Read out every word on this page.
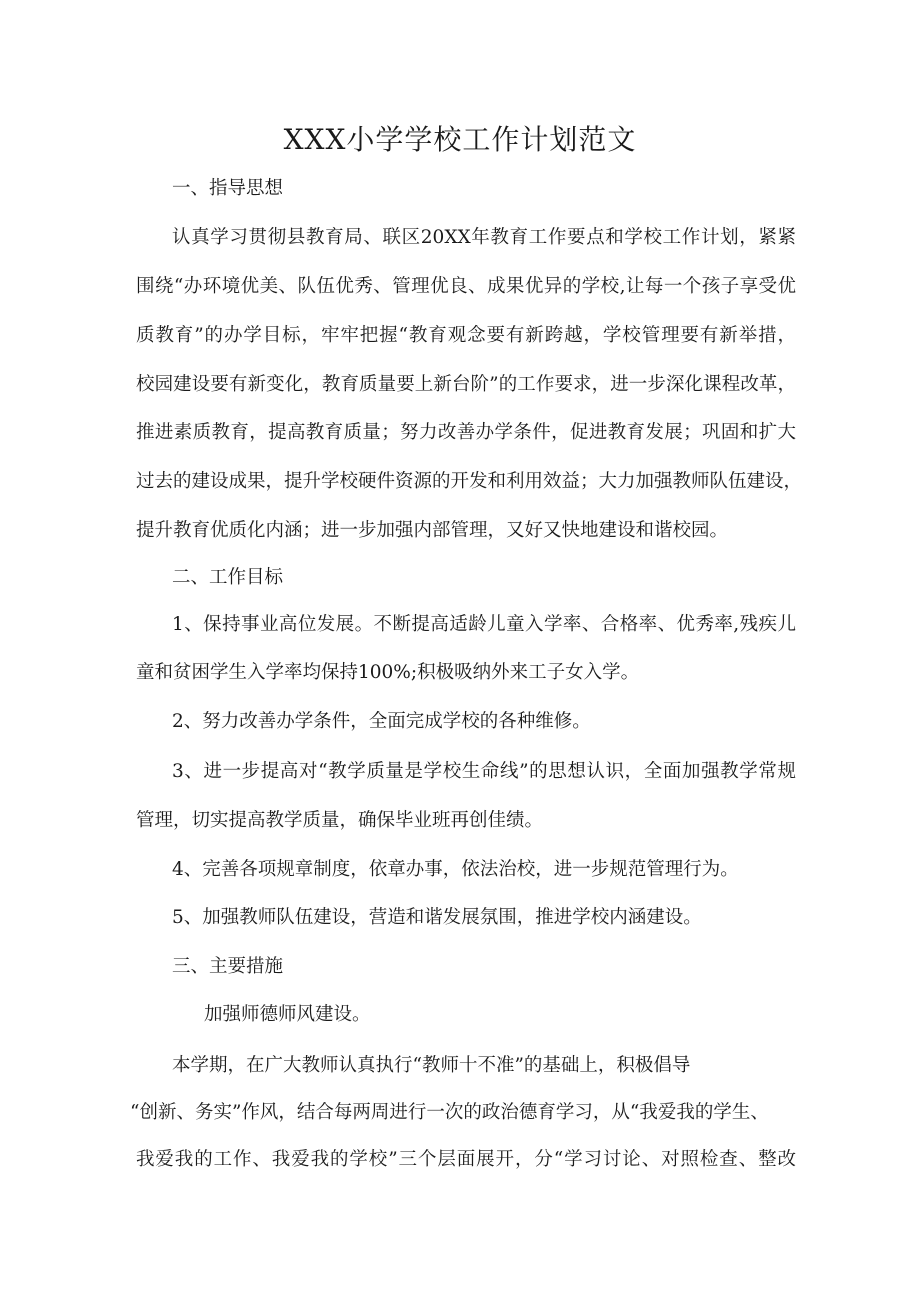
XXX小学学校工作计划范文
一、指导思想
认真学习贯彻县教育局、联区20XX年教育工作要点和学校工作计划，紧紧
围绕“办环境优美、队伍优秀、管理优良、成果优异的学校,让每一个孩子享受优
质教育”的办学目标，牢牢把握“教育观念要有新跨越，学校管理要有新举措，
校园建设要有新变化，教育质量要上新台阶”的工作要求，进一步深化课程改革，
推进素质教育，提高教育质量；努力改善办学条件，促进教育发展；巩固和扩大
过去的建设成果，提升学校硬件资源的开发和利用效益；大力加强教师队伍建设，
提升教育优质化内涵；进一步加强内部管理，又好又快地建设和谐校园。
二、工作目标
1、保持事业高位发展。不断提高适龄儿童入学率、合格率、优秀率,残疾儿
童和贫困学生入学率均保持100%;积极吸纳外来工子女入学。
2、努力改善办学条件，全面完成学校的各种维修。
3、进一步提高对“教学质量是学校生命线”的思想认识，全面加强教学常规
管理，切实提高教学质量，确保毕业班再创佳绩。
4、完善各项规章制度，依章办事，依法治校，进一步规范管理行为。
5、加强教师队伍建设，营造和谐发展氛围，推进学校内涵建设。
三、主要措施
加强师德师风建设。
本学期，在广大教师认真执行“教师十不准”的基础上，积极倡导
“创新、务实”作风，结合每两周进行一次的政治德育学习，从“我爱我的学生、
我爱我的工作、我爱我的学校”三个层面展开，分“学习讨论、对照检查、整改
